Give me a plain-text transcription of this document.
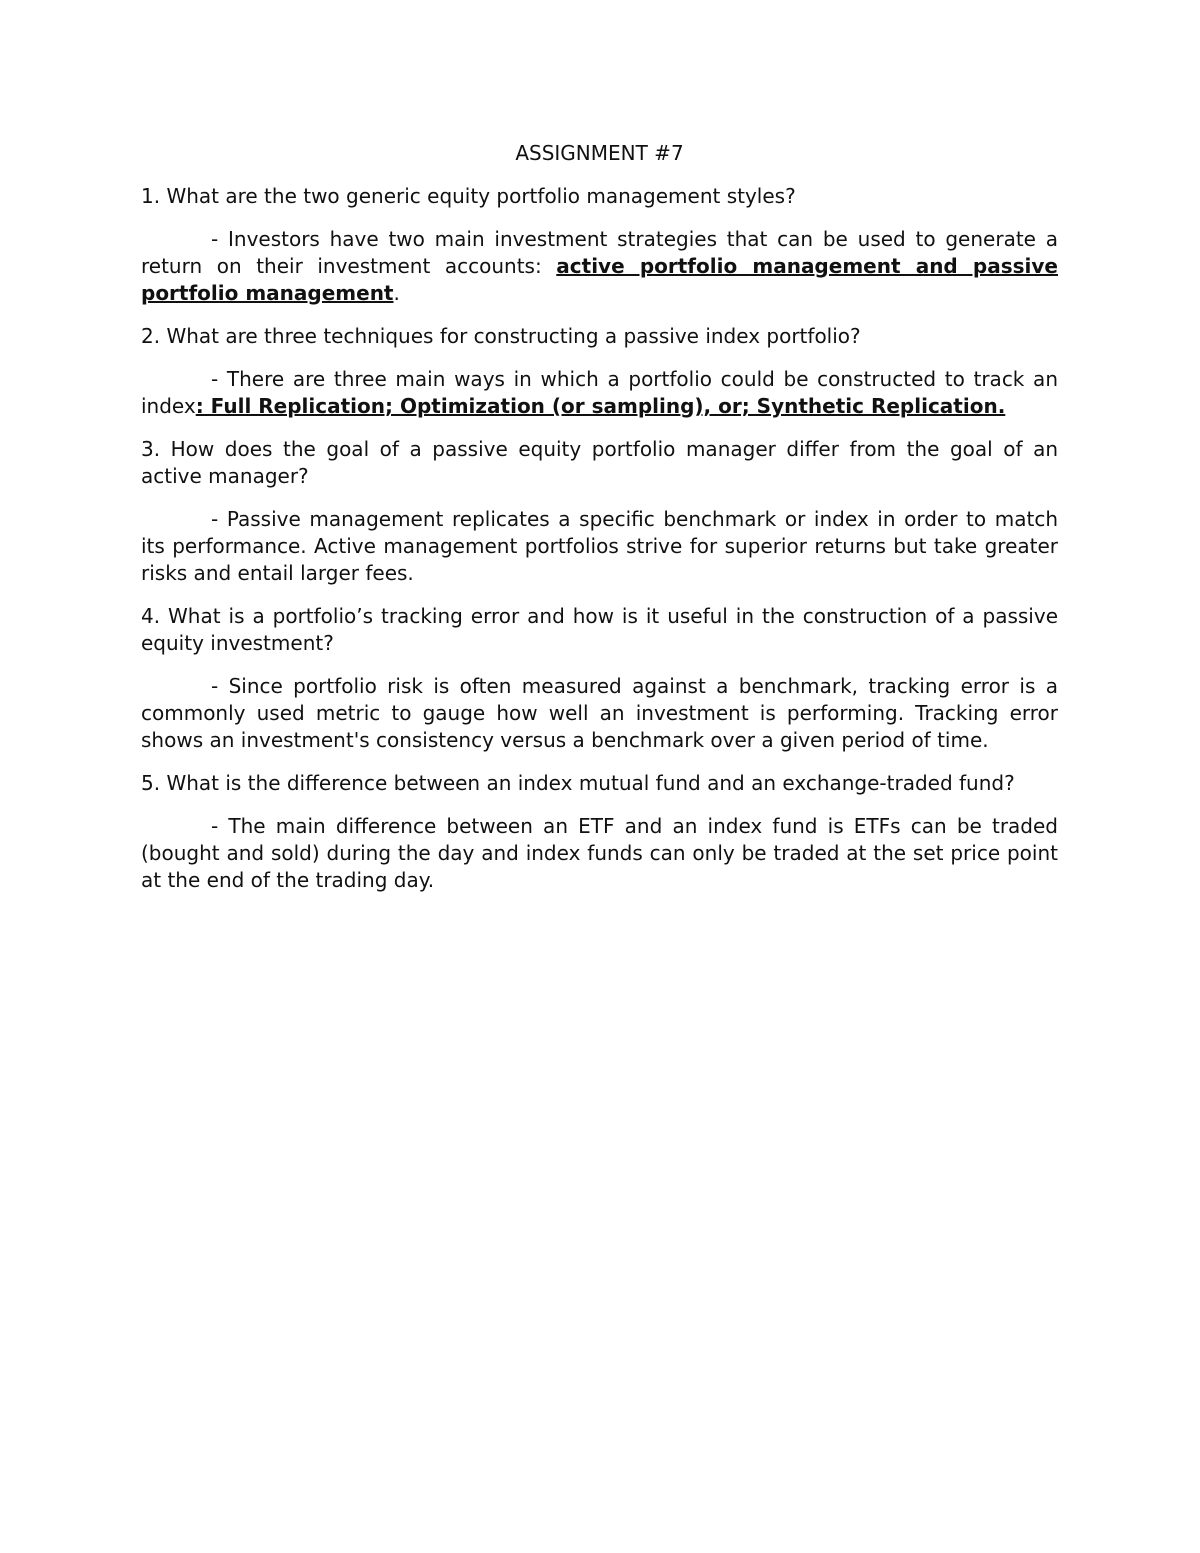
ASSIGNMENT #7

1. What are the two generic equity portfolio management styles?

- Investors have two main investment strategies that can be used to generate a return on their investment accounts: active portfolio management and passive portfolio management.

2. What are three techniques for constructing a passive index portfolio?

- There are three main ways in which a portfolio could be constructed to track an index: Full Replication; Optimization (or sampling), or; Synthetic Replication.

3. How does the goal of a passive equity portfolio manager differ from the goal of an active manager?

- Passive management replicates a specific benchmark or index in order to match its performance. Active management portfolios strive for superior returns but take greater risks and entail larger fees.

4. What is a portfolio’s tracking error and how is it useful in the construction of a passive equity investment?

- Since portfolio risk is often measured against a benchmark, tracking error is a commonly used metric to gauge how well an investment is performing. Tracking error shows an investment's consistency versus a benchmark over a given period of time.

5. What is the difference between an index mutual fund and an exchange-traded fund?

- The main difference between an ETF and an index fund is ETFs can be traded (bought and sold) during the day and index funds can only be traded at the set price point at the end of the trading day.
